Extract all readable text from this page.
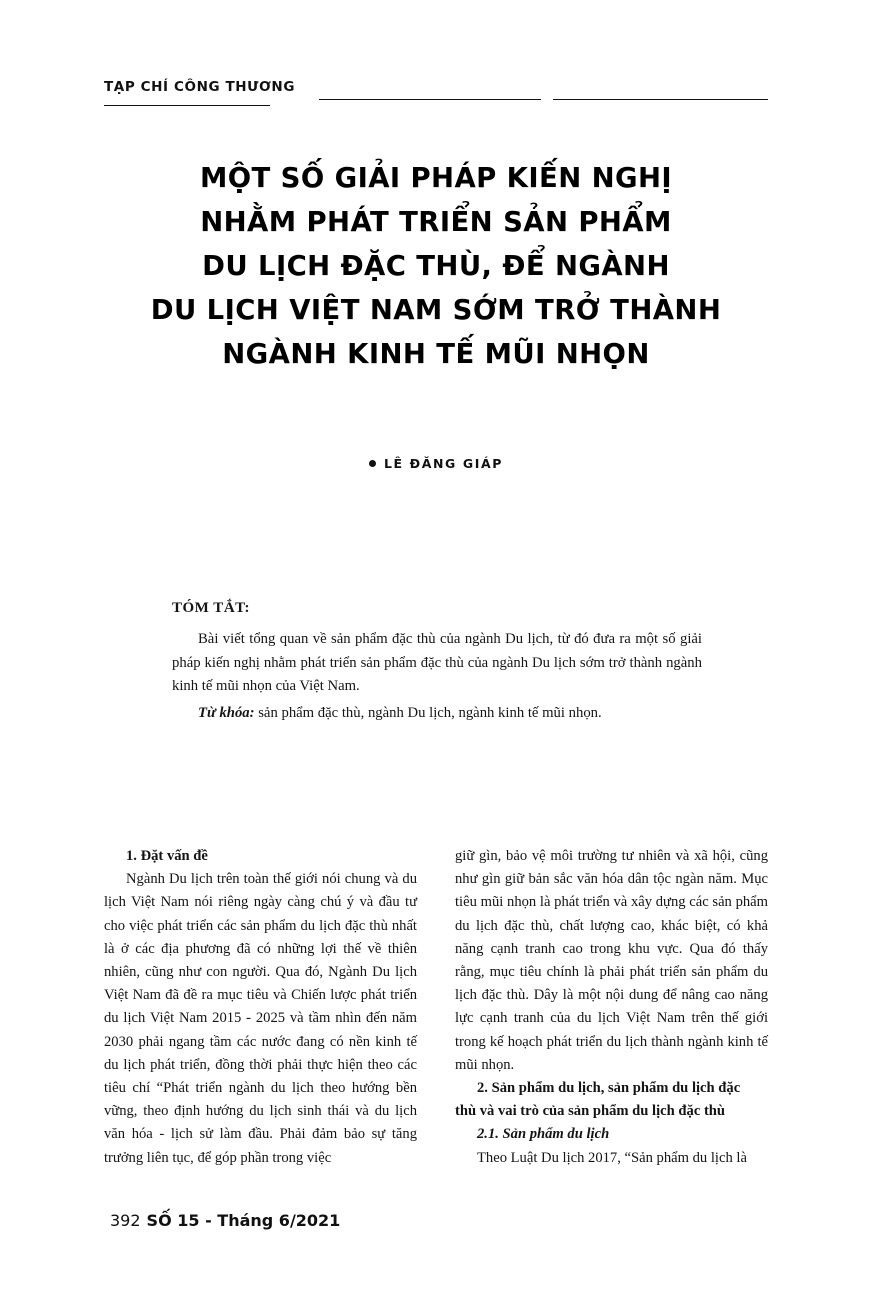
TẠP CHÍ CÔNG THƯƠNG
MỘT SỐ GIẢI PHÁP KIẾN NGHỊ
NHẰM PHÁT TRIỂN SẢN PHẨM
DU LỊCH ĐẶC THÙ, ĐỂ NGÀNH
DU LỊCH VIỆT NAM SỚM TRỞ THÀNH
NGÀNH KINH TẾ MŨI NHỌN
LÊ ĐĂNG GIÁP
TÓM TẮT:
Bài viết tổng quan về sản phẩm đặc thù của ngành Du lịch, từ đó đưa ra một số giải pháp kiến nghị nhằm phát triển sản phẩm đặc thù của ngành Du lịch sớm trở thành ngành kinh tế mũi nhọn của Việt Nam.
Từ khóa: sản phẩm đặc thù, ngành Du lịch, ngành kinh tế mũi nhọn.

1. Đặt vấn đề

Ngành Du lịch trên toàn thế giới nói chung và du lịch Việt Nam nói riêng ngày càng chú ý và đầu tư cho việc phát triển các sản phẩm du lịch đặc thù nhất là ở các địa phương đã có những lợi thế về thiên nhiên, cũng như con người. Qua đó, Ngành Du lịch Việt Nam đã đề ra mục tiêu và Chiến lược phát triển du lịch Việt Nam 2015 - 2025 và tầm nhìn đến năm 2030 phải ngang tầm các nước đang có nền kinh tế du lịch phát triển, đồng thời phải thực hiện theo các tiêu chí “Phát triển ngành du lịch theo hướng bền vững, theo định hướng du lịch sinh thái và du lịch văn hóa - lịch sử làm đầu. Phải đảm bảo sự tăng trưởng liên tục, để góp phần trong việc

giữ gìn, bảo vệ môi trường tư nhiên và xã hội, cũng như gìn giữ bản sắc văn hóa dân tộc ngàn năm. Mục tiêu mũi nhọn là phát triển và xây dựng các sản phẩm du lịch đặc thù, chất lượng cao, khác biệt, có khả năng cạnh tranh cao trong khu vực. Qua đó thấy rằng, mục tiêu chính là phải phát triển sản phẩm du lịch đặc thù. Dây là một nội dung để nâng cao năng lực cạnh tranh của du lịch Việt Nam trên thế giới trong kế hoạch phát triển du lịch thành ngành kinh tế mũi nhọn.

2. Sản phẩm du lịch, sản phẩm du lịch đặc

thù và vai trò của sản phẩm du lịch đặc thù

2.1. Sản phẩm du lịch

Theo Luật Du lịch 2017, “Sản phẩm du lịch là

392 SỐ 15 - Tháng 6/2021
